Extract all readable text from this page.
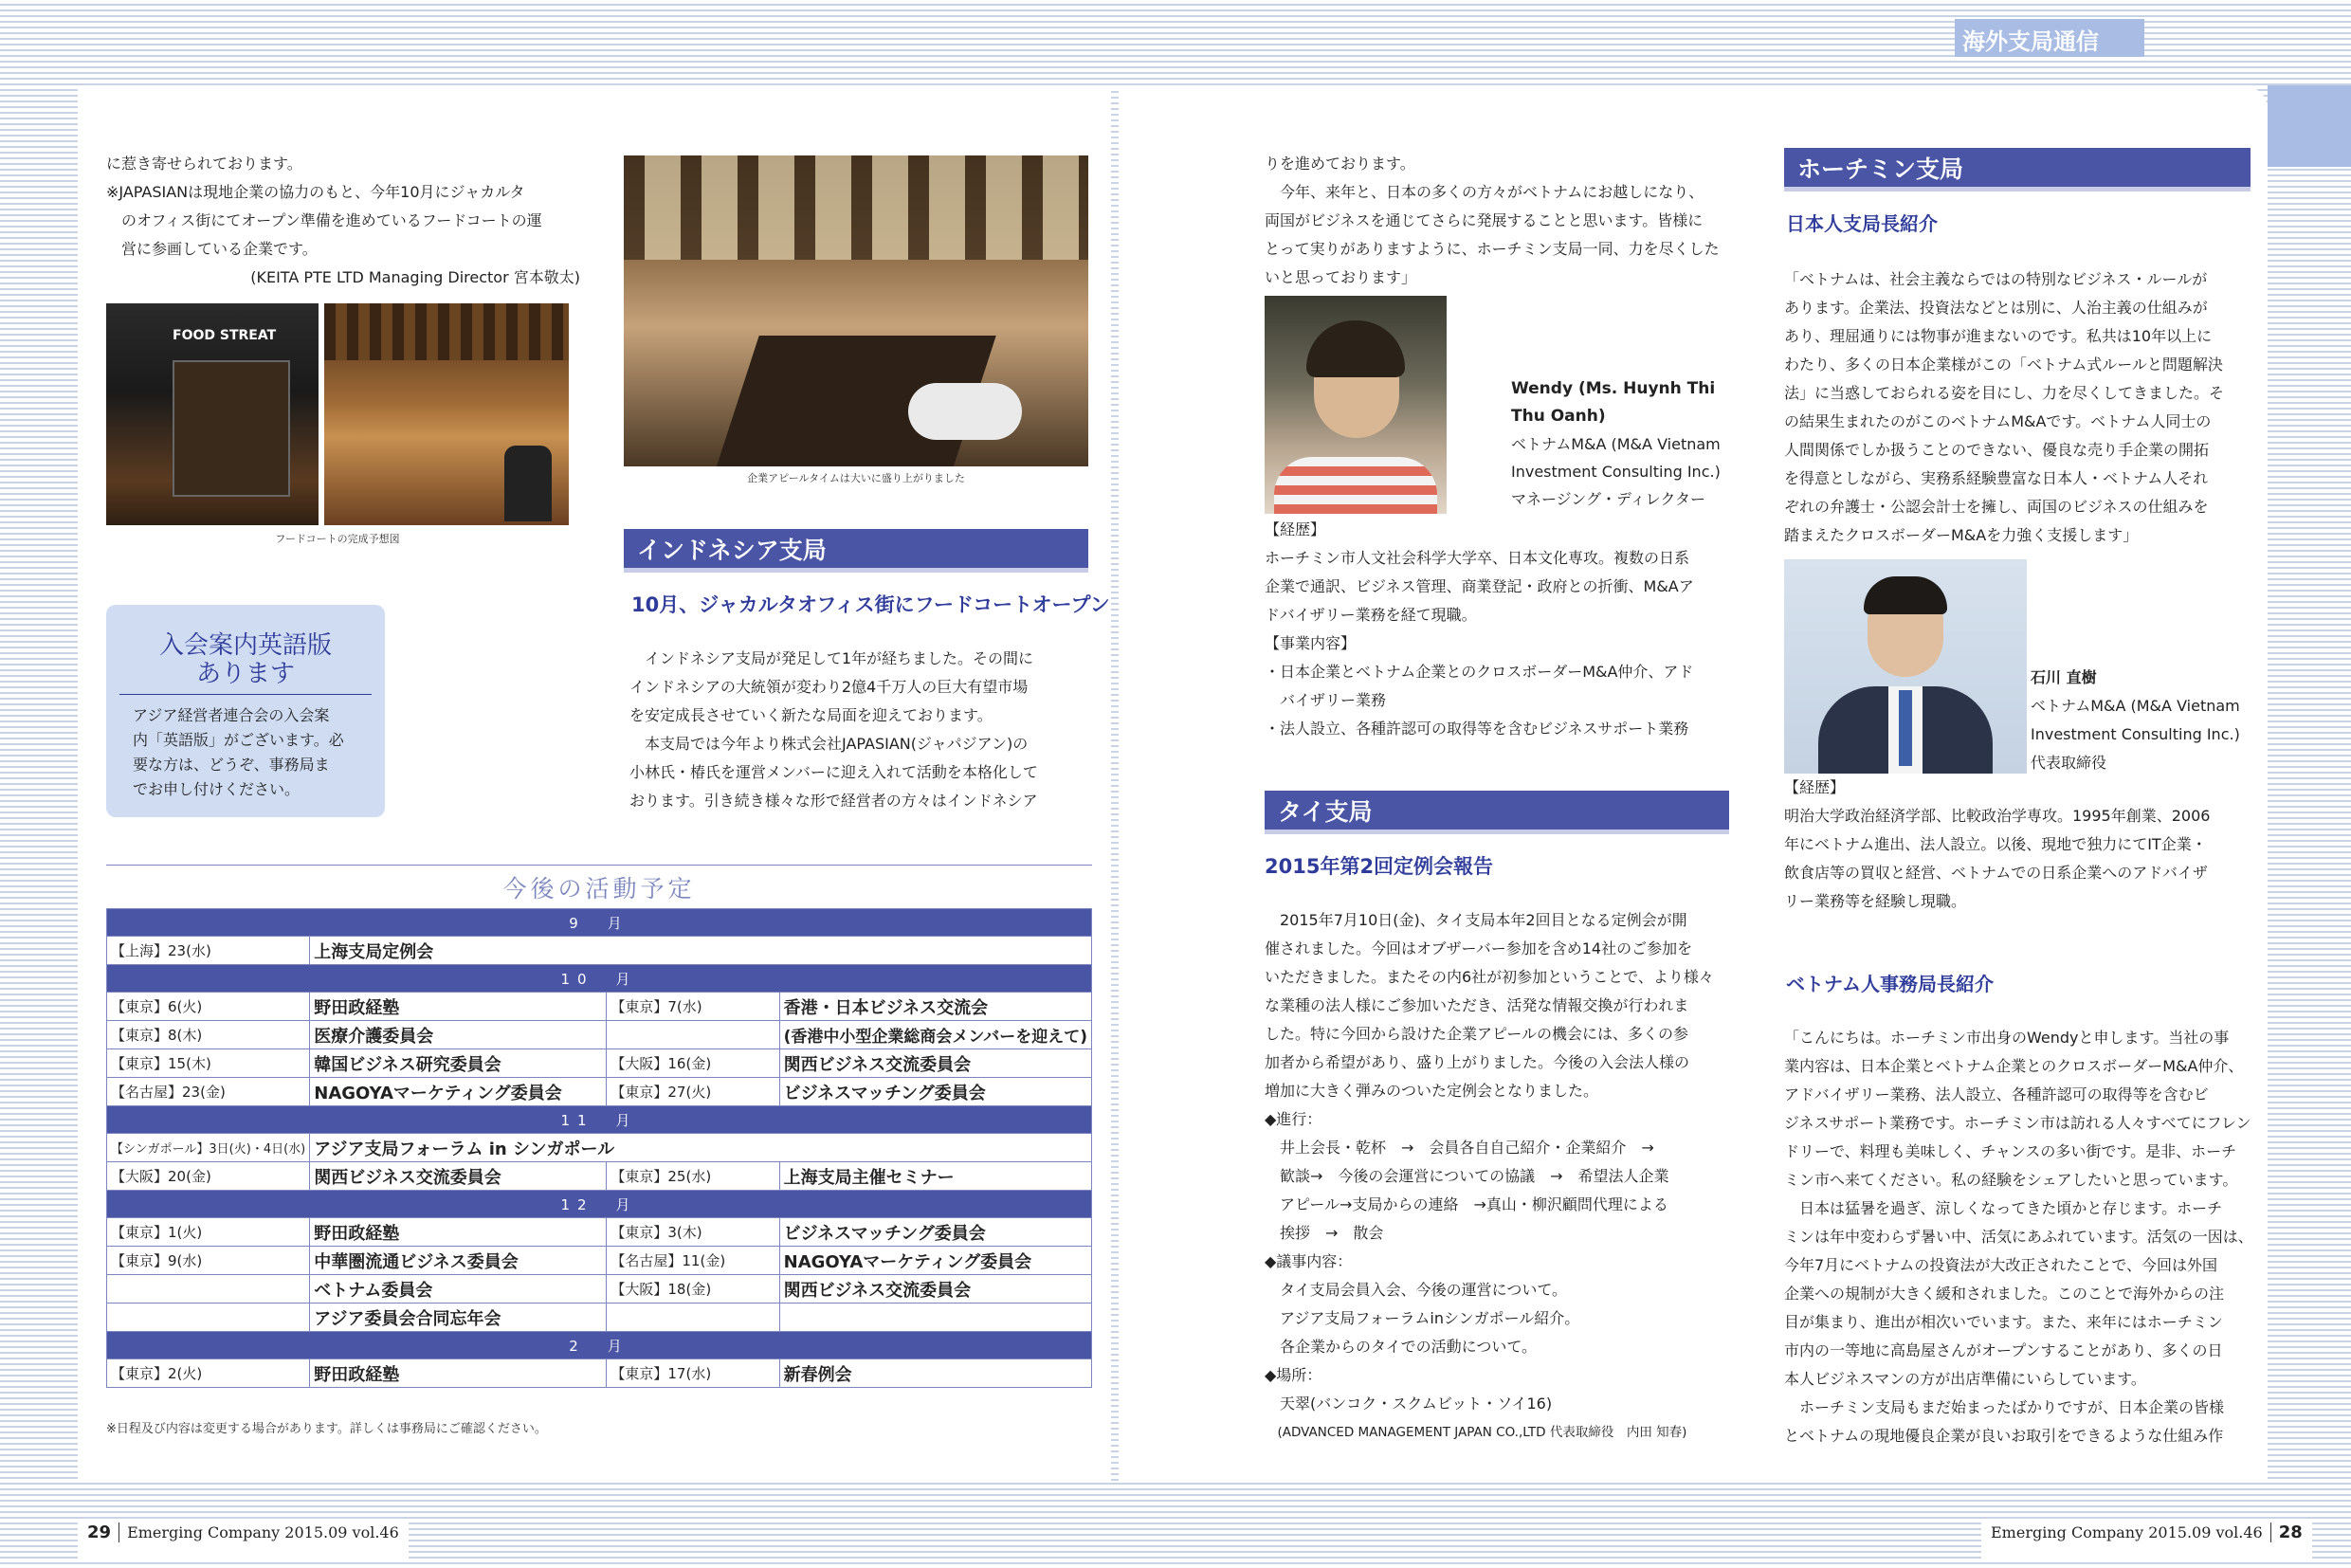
海外支局通信
に惹き寄せられております。
※JAPASIANは現地企業の協力のもと、今年10月にジャカルタ
　のオフィス街にてオープン準備を進めているフードコートの運
　営に参画している企業です。
(KEITA PTE LTD Managing Director 宮本敬太)
FOOD STREAT
フードコートの完成予想図
企業アピールタイムは大いに盛り上がりました
入会案内英語版
あります
アジア経営者連合会の入会案
内「英語版」がございます。必
要な方は、どうぞ、事務局ま
でお申し付けください。
インドネシア支局
10月、ジャカルタオフィス街にフードコートオープン
　インドネシア支局が発足して1年が経ちました。その間に
インドネシアの大統領が変わり2億4千万人の巨大有望市場
を安定成長させていく新たな局面を迎えております。
　本支局では今年より株式会社JAPASIAN(ジャパジアン)の
小林氏・椿氏を運営メンバーに迎え入れて活動を本格化して
おります。引き続き様々な形で経営者の方々はインドネシア
今後の活動予定
9　月			
【上海】23(水)	上海支局定例会		
10　月			
【東京】6(火)	野田政経塾	【東京】7(水)	香港・日本ビジネス交流会
【東京】8(木)	医療介護委員会		(香港中小型企業総商会メンバーを迎えて)
【東京】15(木)	韓国ビジネス研究委員会	【大阪】16(金)	関西ビジネス交流委員会
【名古屋】23(金)	NAGOYAマーケティング委員会	【東京】27(火)	ビジネスマッチング委員会
11　月			
【シンガポール】3日(火)・4日(水)	アジア支局フォーラム in シンガポール		
【大阪】20(金)	関西ビジネス交流委員会	【東京】25(水)	上海支局主催セミナー
12　月			
【東京】1(火)	野田政経塾	【東京】3(木)	ビジネスマッチング委員会
【東京】9(水)	中華圏流通ビジネス委員会	【名古屋】11(金)	NAGOYAマーケティング委員会
	ベトナム委員会	【大阪】18(金)	関西ビジネス交流委員会
	アジア委員会合同忘年会		
2　月			
【東京】2(火)	野田政経塾	【東京】17(水)	新春例会
※日程及び内容は変更する場合があります。詳しくは事務局にご確認ください。
りを進めております。
　今年、来年と、日本の多くの方々がベトナムにお越しになり、
両国がビジネスを通じてさらに発展することと思います。皆様に
とって実りがありますように、ホーチミン支局一同、力を尽くした
いと思っております」
Wendy (Ms. Huynh Thi Thu Oanh)
ベトナムM&A (M&A Vietnam Investment Consulting Inc.)
マネージング・ディレクター
【経歴】
ホーチミン市人文社会科学大学卒、日本文化専攻。複数の日系
企業で通訳、ビジネス管理、商業登記・政府との折衝、M&Aア
ドバイザリー業務を経て現職。
【事業内容】
・日本企業とベトナム企業とのクロスボーダーM&A仲介、アド
　バイザリー業務
・法人設立、各種許認可の取得等を含むビジネスサポート業務
タイ支局
2015年第2回定例会報告
　2015年7月10日(金)、タイ支局本年2回目となる定例会が開
催されました。今回はオブザーバー参加を含め14社のご参加を
いただきました。またその内6社が初参加ということで、より様々
な業種の法人様にご参加いただき、活発な情報交換が行われま
した。特に今回から設けた企業アピールの機会には、多くの参
加者から希望があり、盛り上がりました。今後の入会法人様の
増加に大きく弾みのついた定例会となりました。
◆進行：
　井上会長・乾杯　→　会員各自自己紹介・企業紹介　→
　歓談→　今後の会運営についての協議　→　希望法人企業
　アピール→支局からの連絡　→真山・柳沢顧問代理による
　挨拶　→　散会
◆議事内容：
　タイ支局会員入会、今後の運営について。
　アジア支局フォーラムinシンガポール紹介。
　各企業からのタイでの活動について。
◆場所：
　天翠(バンコク・スクムビット・ソイ16)
　(ADVANCED MANAGEMENT JAPAN CO.,LTD 代表取締役　内田 知春)
ホーチミン支局
日本人支局長紹介
「ベトナムは、社会主義ならではの特別なビジネス・ルールが
あります。企業法、投資法などとは別に、人治主義の仕組みが
あり、理屈通りには物事が進まないのです。私共は10年以上に
わたり、多くの日本企業様がこの「ベトナム式ルールと問題解決
法」に当惑しておられる姿を目にし、力を尽くしてきました。そ
の結果生まれたのがこのベトナムM&Aです。ベトナム人同士の
人間関係でしか扱うことのできない、優良な売り手企業の開拓
を得意としながら、実務系経験豊富な日本人・ベトナム人それ
ぞれの弁護士・公認会計士を擁し、両国のビジネスの仕組みを
踏まえたクロスボーダーM&Aを力強く支援します」
石川 直樹
ベトナムM&A (M&A Vietnam Investment Consulting Inc.)
代表取締役
【経歴】
明治大学政治経済学部、比較政治学専攻。1995年創業、2006
年にベトナム進出、法人設立。以後、現地で独力にてIT企業・
飲食店等の買収と経営、ベトナムでの日系企業へのアドバイザ
リー業務等を経験し現職。
ベトナム人事務局長紹介
「こんにちは。ホーチミン市出身のWendyと申します。当社の事
業内容は、日本企業とベトナム企業とのクロスボーダーM&A仲介、
アドバイザリー業務、法人設立、各種許認可の取得等を含むビ
ジネスサポート業務です。ホーチミン市は訪れる人々すべてにフレン
ドリーで、料理も美味しく、チャンスの多い街です。是非、ホーチ
ミン市へ来てください。私の経験をシェアしたいと思っています。
　日本は猛暑を過ぎ、涼しくなってきた頃かと存じます。ホーチ
ミンは年中変わらず暑い中、活気にあふれています。活気の一因は、
今年7月にベトナムの投資法が大改正されたことで、今回は外国
企業への規制が大きく緩和されました。このことで海外からの注
目が集まり、進出が相次いでいます。また、来年にはホーチミン
市内の一等地に高島屋さんがオープンすることがあり、多くの日
本人ビジネスマンの方が出店準備にいらしています。
　ホーチミン支局もまだ始まったばかりですが、日本企業の皆様
とベトナムの現地優良企業が良いお取引をできるような仕組み作
29 Emerging Company 2015.09 vol.46	Emerging Company 2015.09 vol.46 28
